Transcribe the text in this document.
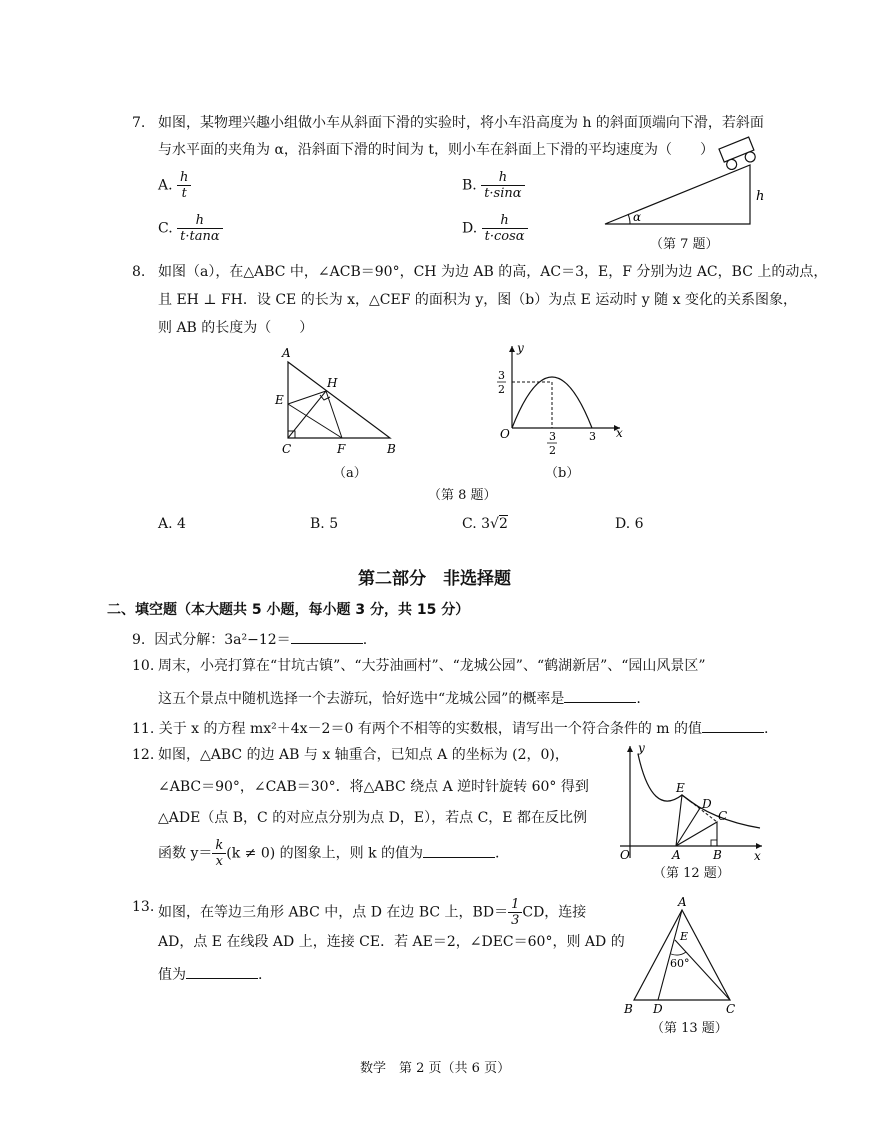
7. 如图，某物理兴趣小组做小车从斜面下滑的实验时，将小车沿高度为 h 的斜面顶端向下滑，若斜面
与水平面的夹角为 α，沿斜面下滑的时间为 t，则小车在斜面上下滑的平均速度为（　　）
A. $\frac{h}{t}$	B. $\frac{h}{t\cdot\sin\alpha}$
C. $\frac{h}{t\cdot\tan\alpha}$	D. $\frac{h}{t\cdot\cos\alpha}$	α
h
（第 7 题）
8. 如图（a），在△ABC 中，∠ACB＝90°，CH 为边 AB 的高，AC＝3，E，F 分别为边 AC，BC 上的动点，
且 EH ⊥ FH．设 CE 的长为 x，△CEF 的面积为 y，图（b）为点 E 运动时 y 随 x 变化的关系图象，
则 AB 的长度为（　　）
A
H
E
C	F	B
（a）
y
x
O
3
2
3
2
3
（b）
（第 8 题）
A. 4	B. 5	C. 3√2	D. 6
第二部分　非选择题
二、填空题（本大题共 5 小题，每小题 3 分，共 15 分）
9. 因式分解：3a²−12＝	.
10. 周末，小亮打算在“甘坑古镇”、“大芬油画村”、“龙城公园”、“鹤湖新居”、“园山风景区”
这五个景点中随机选择一个去游玩，恰好选中“龙城公园”的概率是	.
11. 关于 x 的方程 mx²＋4x－2＝0 有两个不相等的实数根，请写出一个符合条件的 m 的值	.
12. 如图，△ABC 的边 AB 与 x 轴重合，已知点 A 的坐标为 (2，0)，
∠ABC＝90°，∠CAB＝30°．将△ABC 绕点 A 逆时针旋转 60° 得到
△ADE（点 B，C 的对应点分别为点 D，E），若点 C，E 都在反比例
函数 $y= \frac{k}{x} (k \ne 0)$ 的图象上，则 k 的值为	.
y
x
O	A	B
C
D
E
（第 12 题）
13. 如图，在等边三角形 ABC 中，点 D 在边 BC 上，$BD= \frac{1}{3}$ CD，连接
AD，点 E 在线段 AD 上，连接 CE．若 AE＝2，∠DEC＝60°，则 AD 的
值为	.
A
E
60°
B D	C
（第 13 题）
数学　第 2 页（共 6 页）
